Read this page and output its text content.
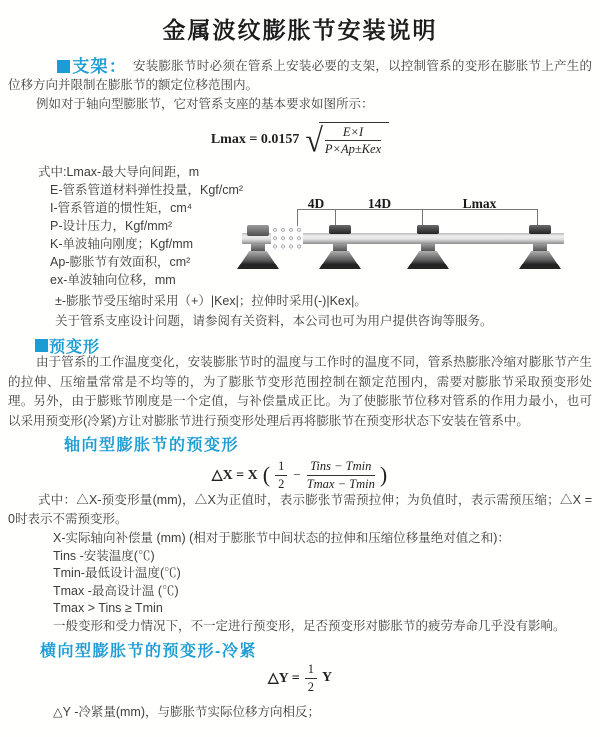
金属波纹膨胀节安装说明
支架： 安装膨胀节时必须在管系上安装必要的支架，以控制管系的变形在膨胀节上产生的位移方向并限制在膨胀节的额定位移范围内。
例如对于轴向型膨胀节，它对管系支座的基本要求如图所示：
Lmax = 0.0157 √ $\frac{E\times I}{\text{P×Ap±Kex}}$
式中:Lmax-最大导向间距，m
E-管系管道材料弹性投量，Kgf/cm²
I-管系管道的惯性矩，cm⁴
P-设计压力，Kgf/mm²
K-单波轴向刚度；Kgf/mm
Ap-膨胀节有效面积，cm²
ex-单波轴向位移，mm
±-膨胀节受压缩时采用（+）|Kex|；拉伸时采用(-)|Kex|。
关于管系支座设计问题，请参阅有关资料，本公司也可为用户提供咨询等服务。
4D	14D	Lmax
预变形
由于管系的工作温度变化，安装膨胀节时的温度与工作时的温度不同，管系热膨胀冷缩对膨胀节产生的拉伸、压缩量常常是不均等的，为了膨胀节变形范围控制在额定范围内，需要对膨胀节采取预变形处理。另外，由于膨账节刚度是一个定值，与补偿量成正比。为了使膨胀节位移对管系的作用力最小，也可以采用预变形(冷紧)方让对膨胀节进行预变形处理后再将膨胀节在预变形状态下安装在管系中。
轴向型膨胀节的预变形
△X = X ( $\frac{1}{2} - \frac{\text{Tins − Tmin}}{Tmax - Tmin}$ )
式中：△X-预变形量(mm)，△X为正值时，表示膨张节需预拉伸；为负值时，表示需预压缩；△X = 0时表示不需预变形。
X-实际轴向补偿量 (mm) (相对于膨胀节中间状态的拉伸和压缩位移量绝对值之和)：
Tins -安装温度(℃)
Tmin-最低设计温度(℃)
Tmax -最高设计温 (℃)
Tmax > Tins ≥ Tmin
一般变形和受力情况下，不一定进行预变形，足否预变形对膨胀节的疲劳寿命几乎没有影响。
横向型膨胀节的预变形-冷紧
△Y = $\frac{1}{2}$ Y
△Y -冷紧量(mm)，与膨胀节实际位移方向相反；
